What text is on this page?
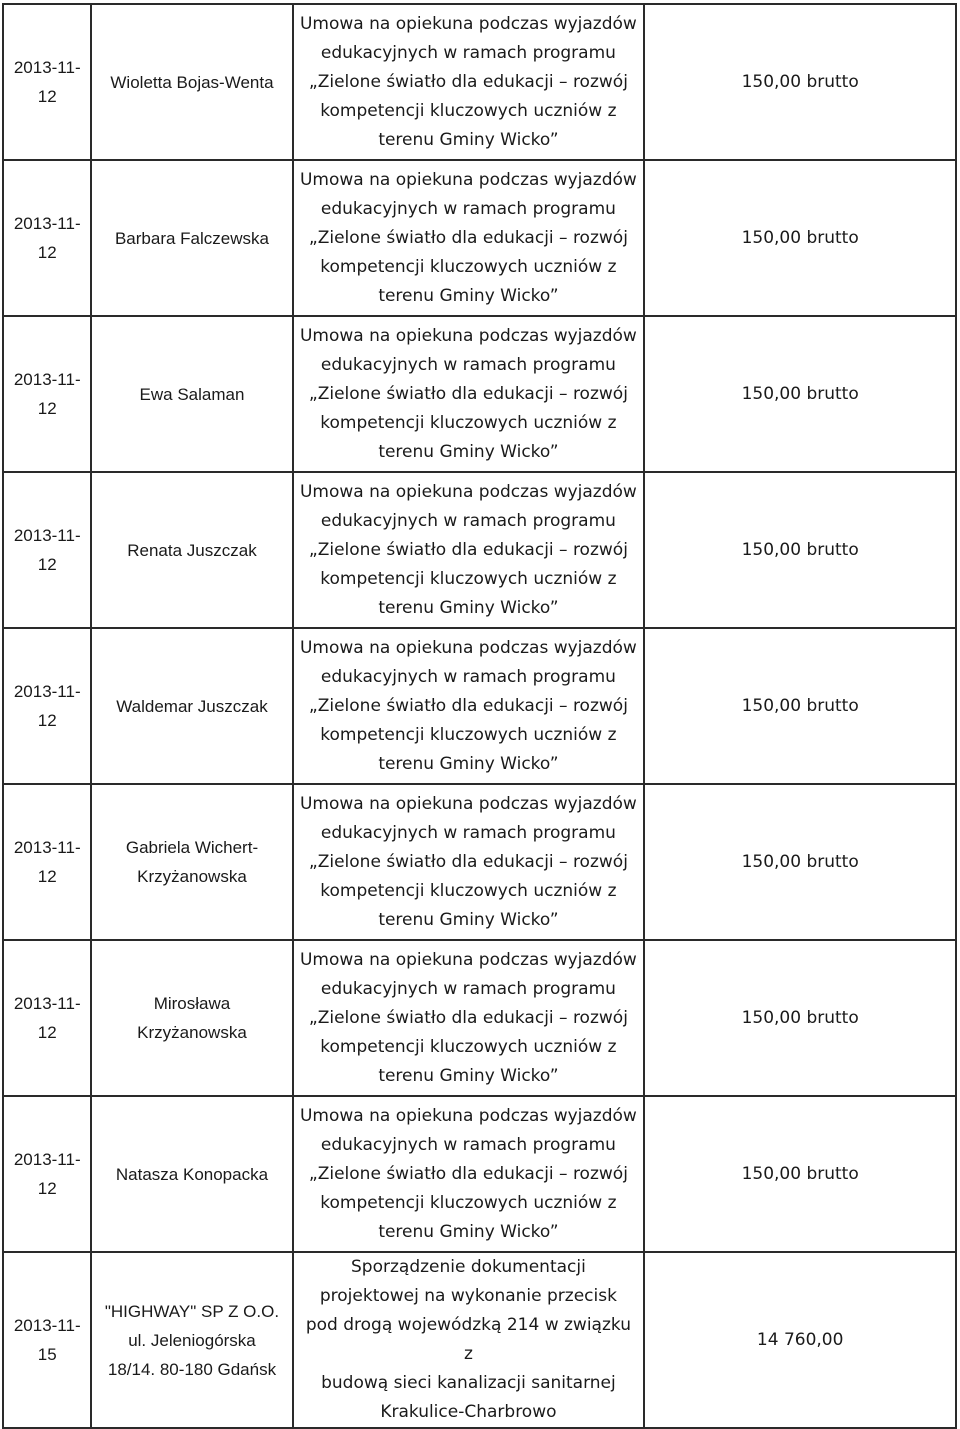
2013-11-12	Wioletta Bojas-Wenta	Umowa na opiekuna podczas wyjazdów
edukacyjnych w ramach programu
„Zielone światło dla edukacji – rozwój
kompetencji kluczowych uczniów z
terenu Gminy Wicko”	150,00 brutto
2013-11-12	Barbara Falczewska	Umowa na opiekuna podczas wyjazdów
edukacyjnych w ramach programu
„Zielone światło dla edukacji – rozwój
kompetencji kluczowych uczniów z
terenu Gminy Wicko”	150,00 brutto
2013-11-12	Ewa Salaman	Umowa na opiekuna podczas wyjazdów
edukacyjnych w ramach programu
„Zielone światło dla edukacji – rozwój
kompetencji kluczowych uczniów z
terenu Gminy Wicko”	150,00 brutto
2013-11-12	Renata Juszczak	Umowa na opiekuna podczas wyjazdów
edukacyjnych w ramach programu
„Zielone światło dla edukacji – rozwój
kompetencji kluczowych uczniów z
terenu Gminy Wicko”	150,00 brutto
2013-11-12	Waldemar Juszczak	Umowa na opiekuna podczas wyjazdów
edukacyjnych w ramach programu
„Zielone światło dla edukacji – rozwój
kompetencji kluczowych uczniów z
terenu Gminy Wicko”	150,00 brutto
2013-11-12	Gabriela Wichert-Krzyżanowska	Umowa na opiekuna podczas wyjazdów
edukacyjnych w ramach programu
„Zielone światło dla edukacji – rozwój
kompetencji kluczowych uczniów z
terenu Gminy Wicko”	150,00 brutto
2013-11-12	Mirosława Krzyżanowska	Umowa na opiekuna podczas wyjazdów
edukacyjnych w ramach programu
„Zielone światło dla edukacji – rozwój
kompetencji kluczowych uczniów z
terenu Gminy Wicko”	150,00 brutto
2013-11-12	Natasza Konopacka	Umowa na opiekuna podczas wyjazdów
edukacyjnych w ramach programu
„Zielone światło dla edukacji – rozwój
kompetencji kluczowych uczniów z
terenu Gminy Wicko”	150,00 brutto
2013-11-15	"HIGHWAY" SP Z O.O.
ul. Jeleniogórska
18/14. 80-180 Gdańsk	Sporządzenie dokumentacji
projektowej na wykonanie przecisk
pod drogą wojewódzką 214 w związku z
budową sieci kanalizacji sanitarnej
Krakulice-Charbrowo	14 760,00
